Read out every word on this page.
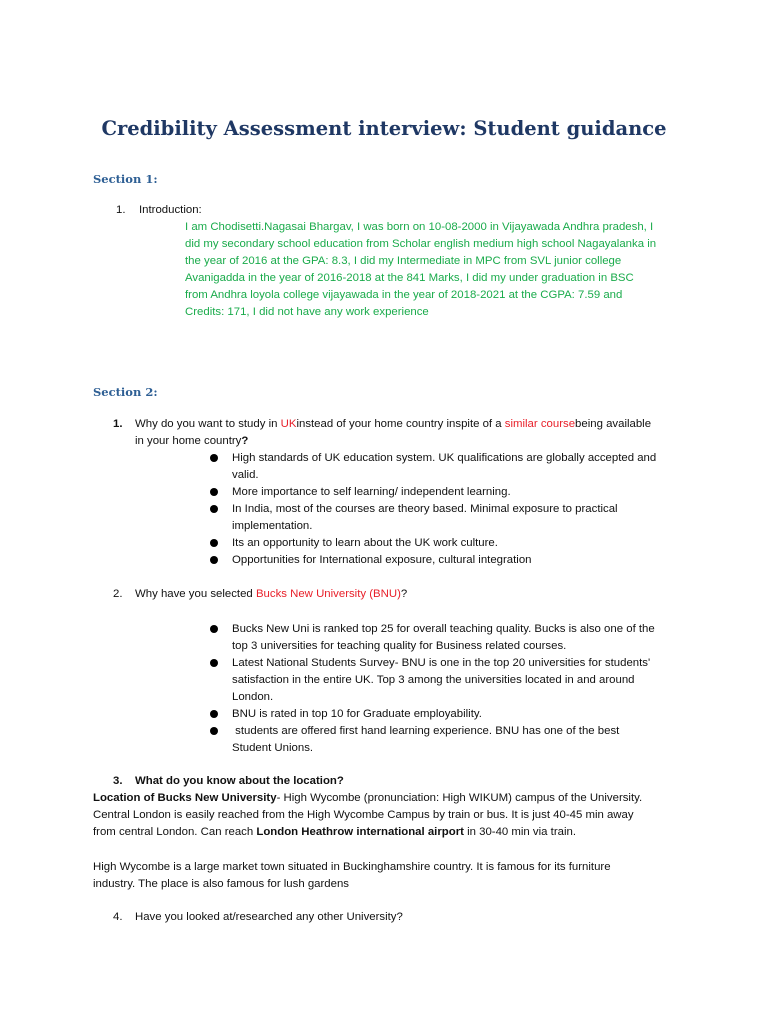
Credibility Assessment interview: Student guidance
Section 1:
1.	Introduction:
I am Chodisetti.Nagasai Bhargav, I was born on 10-08-2000 in Vijayawada Andhra pradesh, I
did my secondary school education from Scholar english medium high school Nagayalanka in
the year of 2016 at the GPA: 8.3, I did my Intermediate in MPC from SVL junior college
Avanigadda in the year of 2016-2018 at the 841 Marks, I did my under graduation in BSC
from Andhra loyola college vijayawada in the year of 2018-2021 at the CGPA: 7.59 and
Credits: 171, I did not have any work experience
Section 2:
1.	Why do you want to study in UKinstead of your home country inspite of a similar coursebeing available
in your home country?
High standards of UK education system. UK qualifications are globally accepted and
valid.
More importance to self learning/ independent learning.
In India, most of the courses are theory based. Minimal exposure to practical
implementation.
Its an opportunity to learn about the UK work culture.
Opportunities for International exposure, cultural integration
2.	Why have you selected Bucks New University (BNU)?
Bucks New Uni is ranked top 25 for overall teaching quality. Bucks is also one of the
top 3 universities for teaching quality for Business related courses.
Latest National Students Survey- BNU is one in the top 20 universities for students'
satisfaction in the entire UK. Top 3 among the universities located in and around
London.
BNU is rated in top 10 for Graduate employability.
students are offered first hand learning experience. BNU has one of the best
Student Unions.
3.	What do you know about the location?
Location of Bucks New University- High Wycombe (pronunciation: High WIKUM) campus of the University.
Central London is easily reached from the High Wycombe Campus by train or bus. It is just 40-45 min away
from central London. Can reach London Heathrow international airport in 30-40 min via train.
High Wycombe is a large market town situated in Buckinghamshire country. It is famous for its furniture
industry. The place is also famous for lush gardens
4.	Have you looked at/researched any other University?
